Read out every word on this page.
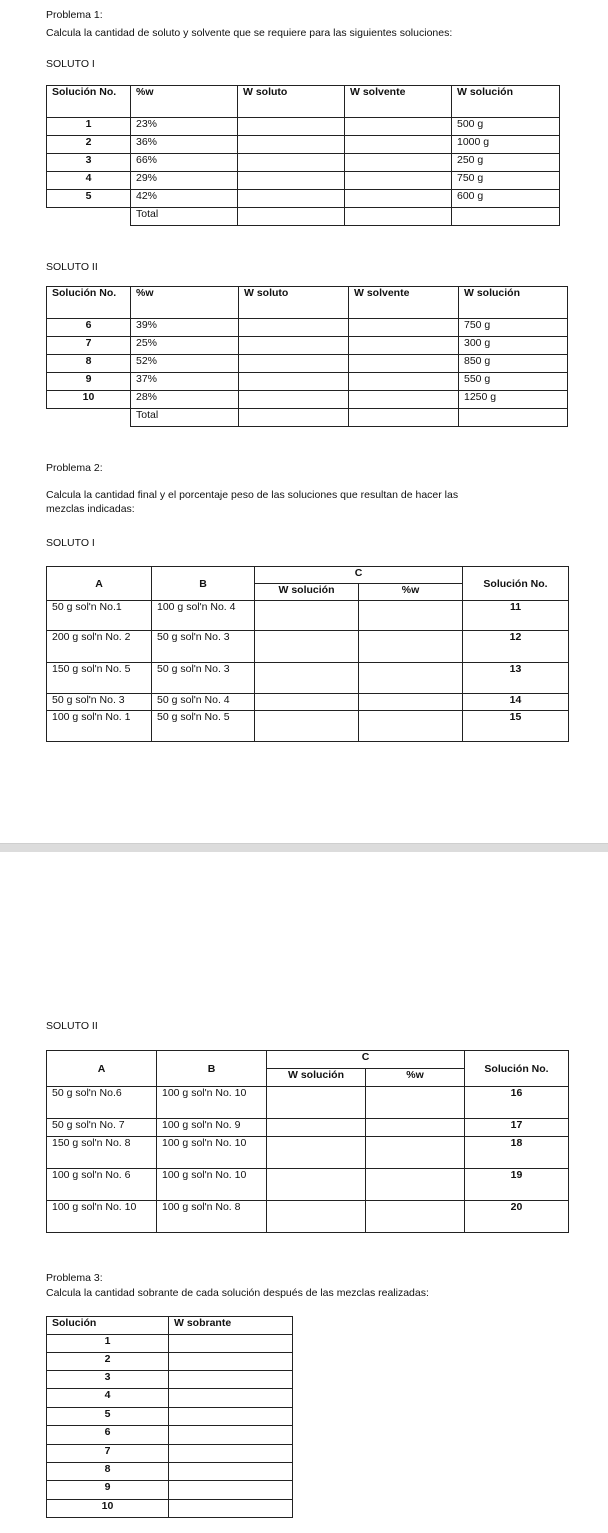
Problema 1:
Calcula la cantidad de soluto y solvente que se requiere para las siguientes soluciones:
SOLUTO I
Solución No.	%w	W soluto	W solvente	W solución
1	23%			500 g
2	36%			1000 g
3	66%			250 g
4	29%			750 g
5	42%			600 g
	Total			
SOLUTO II
Solución No.	%w	W soluto	W solvente	W solución
6	39%			750 g
7	25%			300 g
8	52%			850 g
9	37%			550 g
10	28%			1250 g
	Total			
Problema 2:
Calcula la cantidad final y el porcentaje peso de las soluciones que resultan de hacer las
mezclas indicadas:
SOLUTO I
A	B	C		Solución No.
		W solución	%w	
50 g sol'n No.1	100 g sol'n No. 4			11
200 g sol'n No. 2	50 g sol'n No. 3			12
150 g sol'n No. 5	50 g sol'n No. 3			13
50 g sol'n No. 3	50 g sol'n No. 4			14
100 g sol'n No. 1	50 g sol'n No. 5			15
SOLUTO II
A	B	C		Solución No.
		W solución	%w	
50 g sol'n No.6	100 g sol'n No. 10			16
50 g sol'n No. 7	100 g sol'n No. 9			17
150 g sol'n No. 8	100 g sol'n No. 10			18
100 g sol'n No. 6	100 g sol'n No. 10			19
100 g sol'n No. 10	100 g sol'n No. 8			20
Problema 3:
Calcula la cantidad sobrante de cada solución después de las mezclas realizadas:
Solución	W sobrante
1	
2	
3	
4	
5	
6	
7	
8	
9	
10	
